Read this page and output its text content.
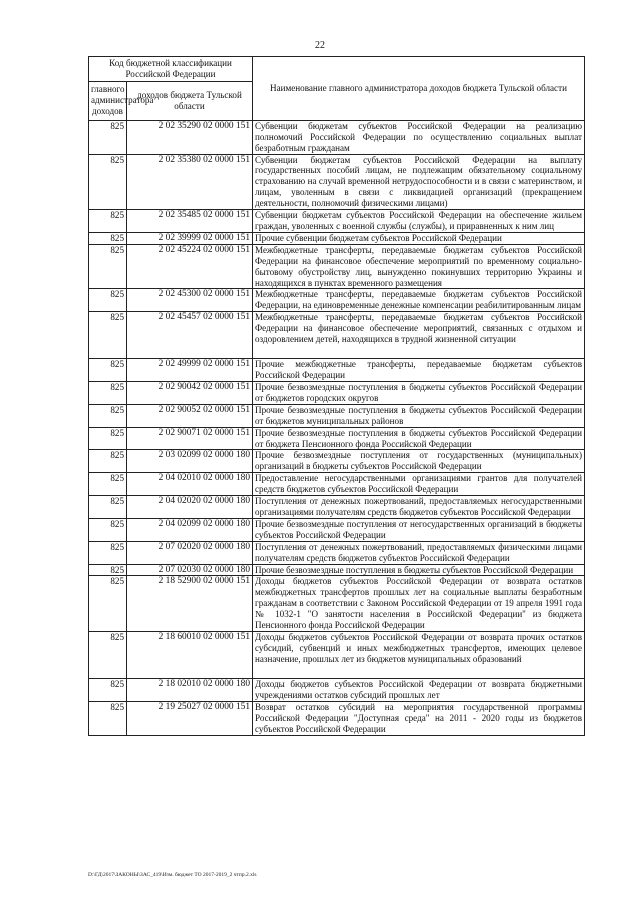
22
Код бюджетной классификации Российской Федерации		Наименование главного администратора доходов бюджета Тульской области
главного администратора доходов	доходов бюджета Тульской области	
825	2 02 35290 02 0000 151	Субвенции бюджетам субъектов Российской Федерации на реализацию полномочий Российской Федерации по осуществлению социальных выплат безработным гражданам
825	2 02 35380 02 0000 151	Субвенции бюджетам субъектов Российской Федерации на выплату государственных пособий лицам, не подлежащим обязательному социальному страхованию на случай временной нетрудоспособности и в связи с материнством, и лицам, уволенным в связи с ликвидацией организаций (прекращением деятельности, полномочий физическими лицами)
825	2 02 35485 02 0000 151	Субвенции бюджетам субъектов Российской Федерации на обеспечение жильем граждан, уволенных с военной службы (службы), и приравненных к ним лиц
825	2 02 39999 02 0000 151	Прочие субвенции бюджетам субъектов Российской Федерации
825	2 02 45224 02 0000 151	Межбюджетные трансферты, передаваемые бюджетам субъектов Российской Федерации на финансовое обеспечение мероприятий по временному социально-бытовому обустройству лиц, вынужденно покинувших территорию Украины и находящихся в пунктах временного размещения
825	2 02 45300 02 0000 151	Межбюджетные трансферты, передаваемые бюджетам субъектов Российской Федерации, на единовременные денежные компенсации реабилитированным лицам
825	2 02 45457 02 0000 151	Межбюджетные трансферты, передаваемые бюджетам субъектов Российской Федерации на финансовое обеспечение мероприятий, связанных с отдыхом и оздоровлением детей, находящихся в трудной жизненной ситуации
825	2 02 49999 02 0000 151	Прочие межбюджетные трансферты, передаваемые бюджетам субъектов Российской Федерации
825	2 02 90042 02 0000 151	Прочие безвозмездные поступления в бюджеты субъектов Российской Федерации от бюджетов городских округов
825	2 02 90052 02 0000 151	Прочие безвозмездные поступления в бюджеты субъектов Российской Федерации от бюджетов муниципальных районов
825	2 02 90071 02 0000 151	Прочие безвозмездные поступления в бюджеты субъектов Российской Федерации от бюджета Пенсионного фонда Российской Федерации
825	2 03 02099 02 0000 180	Прочие безвозмездные поступления от государственных (муниципальных) организаций в бюджеты субъектов Российской Федерации
825	2 04 02010 02 0000 180	Предоставление негосударственными организациями грантов для получателей средств бюджетов субъектов Российской Федерации
825	2 04 02020 02 0000 180	Поступления от денежных пожертвований, предоставляемых негосударственными организациями получателям средств бюджетов субъектов Российской Федерации
825	2 04 02099 02 0000 180	Прочие безвозмездные поступления от негосударственных организаций в бюджеты субъектов Российской Федерации
825	2 07 02020 02 0000 180	Поступления от денежных пожертвований, предоставляемых физическими лицами получателям средств бюджетов субъектов Российской Федерации
825	2 07 02030 02 0000 180	Прочие безвозмездные поступления в бюджеты субъектов Российской Федерации
825	2 18 52900 02 0000 151	Доходы бюджетов субъектов Российской Федерации от возврата остатков межбюджетных трансфертов прошлых лет на социальные выплаты безработным гражданам в соответствии с Законом Российской Федерации от 19 апреля 1991 года № 1032-1 "О занятости населения в Российской Федерации" из бюджета Пенсионного фонда Российской Федерации
825	2 18 60010 02 0000 151	Доходы бюджетов субъектов Российской Федерации от возврата прочих остатков субсидий, субвенций и иных межбюджетных трансфертов, имеющих целевое назначение, прошлых лет из бюджетов муниципальных образований
825	2 18 02010 02 0000 180	Доходы бюджетов субъектов Российской Федерации от возврата бюджетными учреждениями остатков субсидий прошлых лет
825	2 19 25027 02 0000 151	Возврат остатков субсидий на мероприятия государственной программы Российской Федерации "Доступная среда" на 2011 - 2020 годы из бюджетов субъектов Российской Федерации
D:\ГД\2017\ЗАКОНЫ\ЗАС_419\Изм. бюджет ТО 2017-2019_2 чтпр.2.xls
